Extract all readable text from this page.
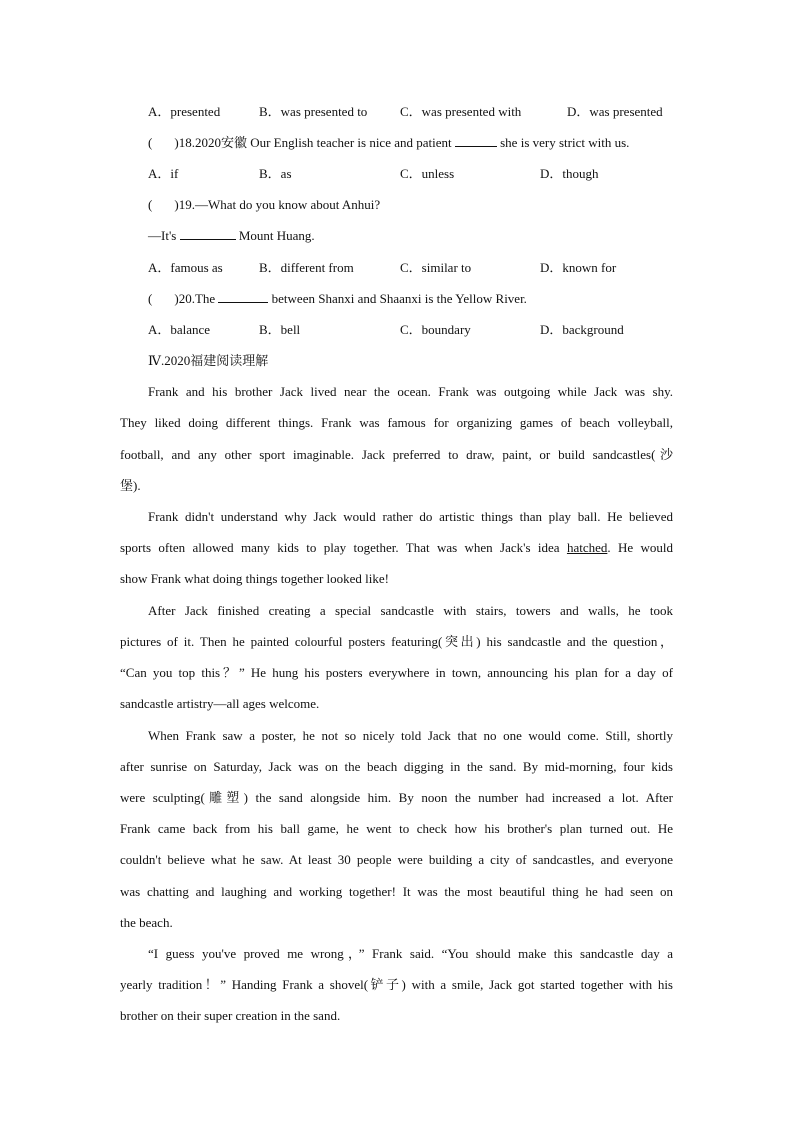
A．presented	B．was presented to	C．was presented with	D．was presented
( )18.2020安徽 Our English teacher is nice and patient	she is very strict with us.
A．if	B．as	C．unless	D．though
( )19.—What do you know about Anhui?
—It's	Mount Huang.
A．famous as	B．different from	C．similar to	D．known for
( )20.The	between Shanxi and Shaanxi is the Yellow River.
A．balance	B．bell	C．boundary	D．background
Ⅳ.2020福建阅读理解
Frank and his brother Jack lived near the ocean. Frank was outgoing while Jack was shy.
They liked doing different things. Frank was famous for organizing games of beach volleyball,
football, and any other sport imaginable. Jack preferred to draw, paint, or build sandcastles(沙
堡).
Frank didn't understand why Jack would rather do artistic things than play ball. He believed
sports often allowed many kids to play together. That was when Jack's idea hatched. He would
show Frank what doing things together looked like!
After Jack finished creating a special sandcastle with stairs, towers and walls, he took
pictures of it. Then he painted colourful posters featuring(突出) his sandcastle and the question，
“Can you top this？” He hung his posters everywhere in town, announcing his plan for a day of
sandcastle artistry—all ages welcome.
When Frank saw a poster, he not so nicely told Jack that no one would come. Still, shortly
after sunrise on Saturday, Jack was on the beach digging in the sand. By mid-morning, four kids
were sculpting(雕塑) the sand alongside him. By noon the number had increased a lot. After
Frank came back from his ball game, he went to check how his brother's plan turned out. He
couldn't believe what he saw. At least 30 people were building a city of sandcastles, and everyone
was chatting and laughing and working together! It was the most beautiful thing he had seen on
the beach.
“I guess you've proved me wrong，” Frank said. “You should make this sandcastle day a
yearly tradition！” Handing Frank a shovel(铲子) with a smile, Jack got started together with his
brother on their super creation in the sand.
